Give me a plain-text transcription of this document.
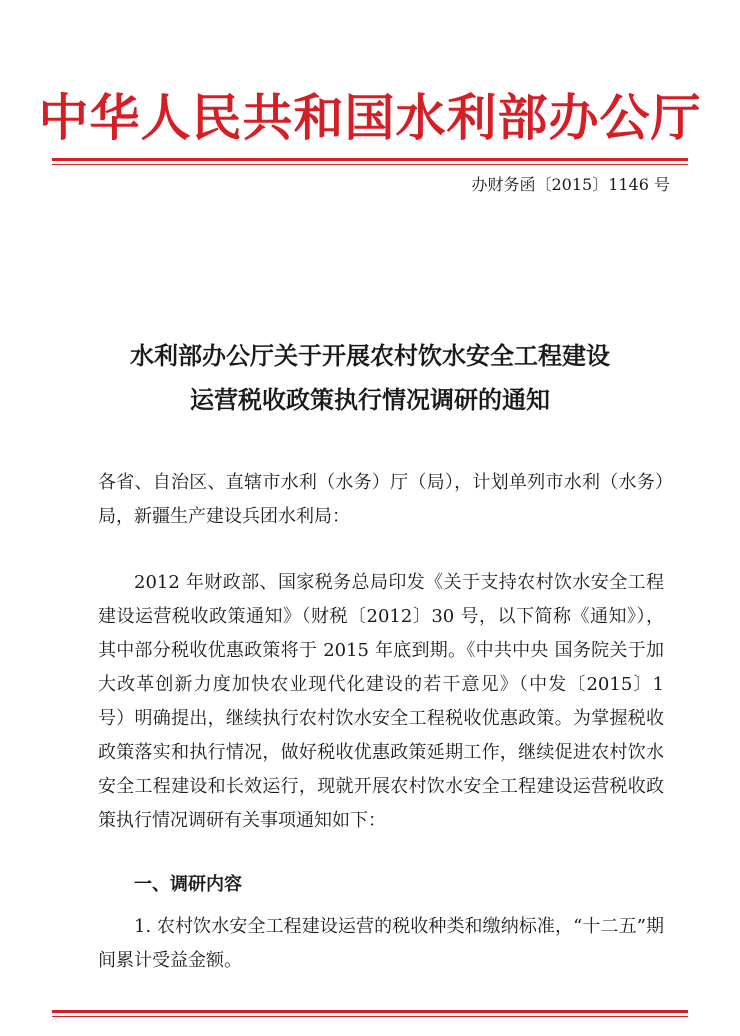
中华人民共和国水利部办公厅
办财务函〔2015〕1146 号
水利部办公厅关于开展农村饮水安全工程建设
运营税收政策执行情况调研的通知
各省、自治区、直辖市水利（水务）厅（局），计划单列市水利（水务）局，新疆生产建设兵团水利局：
2012 年财政部、国家税务总局印发《关于支持农村饮水安全工程建设运营税收政策通知》（财税〔2012〕30 号，以下简称《通知》），其中部分税收优惠政策将于 2015 年底到期。《中共中央 国务院关于加大改革创新力度加快农业现代化建设的若干意见》（中发〔2015〕1 号）明确提出，继续执行农村饮水安全工程税收优惠政策。为掌握税收政策落实和执行情况，做好税收优惠政策延期工作，继续促进农村饮水安全工程建设和长效运行，现就开展农村饮水安全工程建设运营税收政策执行情况调研有关事项通知如下：
一、调研内容
1. 农村饮水安全工程建设运营的税收种类和缴纳标准，“十二五”期间累计受益金额。
